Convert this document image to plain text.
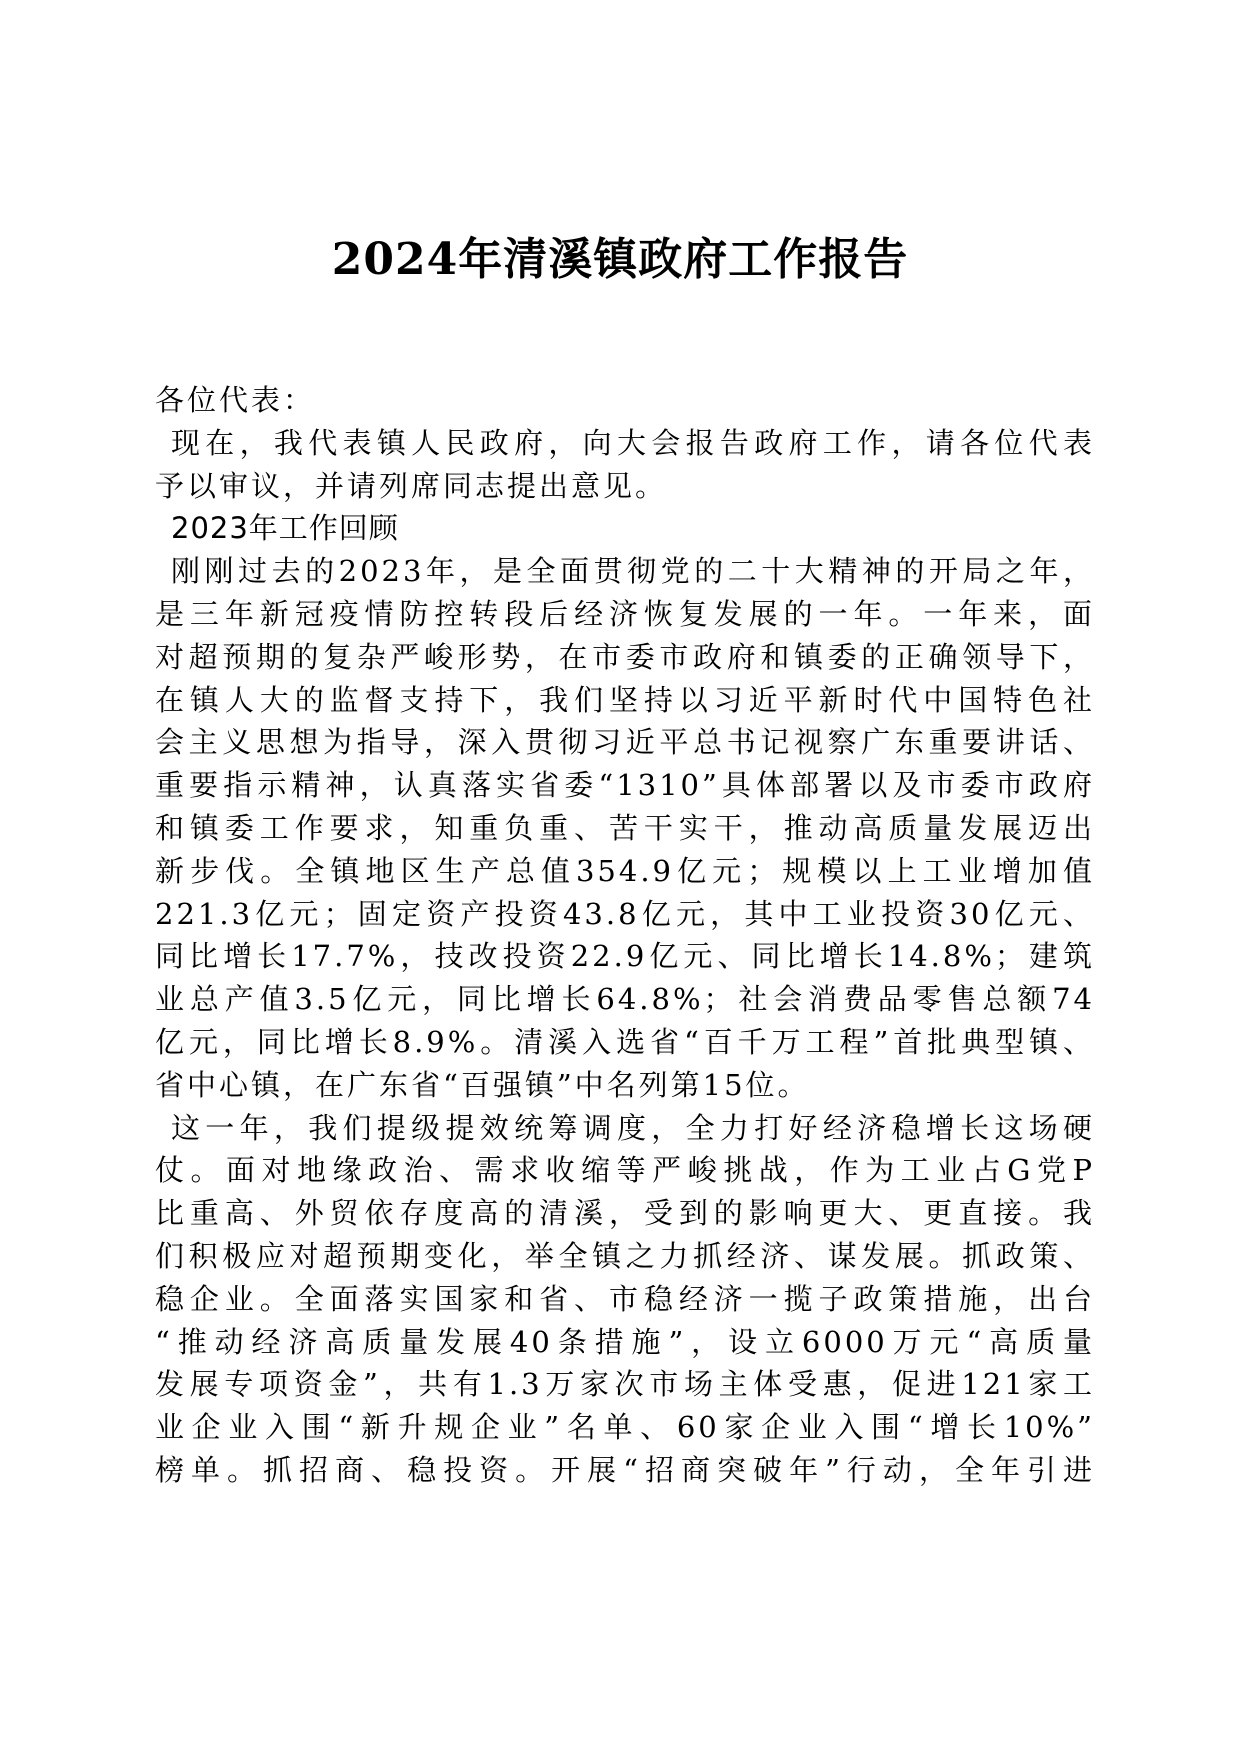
2024年清溪镇政府工作报告

各位代表：

现在，我代表镇人民政府，向大会报告政府工作，请各位代表
予以审议，并请列席同志提出意见。

2023年工作回顾

刚刚过去的2023年，是全面贯彻党的二十大精神的开局之年，
是三年新冠疫情防控转段后经济恢复发展的一年。一年来，面
对超预期的复杂严峻形势，在市委市政府和镇委的正确领导下，
在镇人大的监督支持下，我们坚持以习近平新时代中国特色社
会主义思想为指导，深入贯彻习近平总书记视察广东重要讲话、
重要指示精神，认真落实省委“1310”具体部署以及市委市政府
和镇委工作要求，知重负重、苦干实干，推动高质量发展迈出
新步伐。全镇地区生产总值354.9亿元；规模以上工业增加值
221.3亿元；固定资产投资43.8亿元，其中工业投资30亿元、
同比增长17.7%，技改投资22.9亿元、同比增长14.8%；建筑
业总产值3.5亿元，同比增长64.8%；社会消费品零售总额74
亿元，同比增长8.9%。清溪入选省“百千万工程”首批典型镇、
省中心镇，在广东省“百强镇”中名列第15位。

这一年，我们提级提效统筹调度，全力打好经济稳增长这场硬
仗。面对地缘政治、需求收缩等严峻挑战，作为工业占G党P
比重高、外贸依存度高的清溪，受到的影响更大、更直接。我
们积极应对超预期变化，举全镇之力抓经济、谋发展。抓政策、
稳企业。全面落实国家和省、市稳经济一揽子政策措施，出台
“推动经济高质量发展40条措施”，设立6000万元“高质量
发展专项资金”，共有1.3万家次市场主体受惠，促进121家工
业企业入围“新升规企业”名单、60家企业入围“增长10%”
榜单。抓招商、稳投资。开展“招商突破年”行动，全年引进
